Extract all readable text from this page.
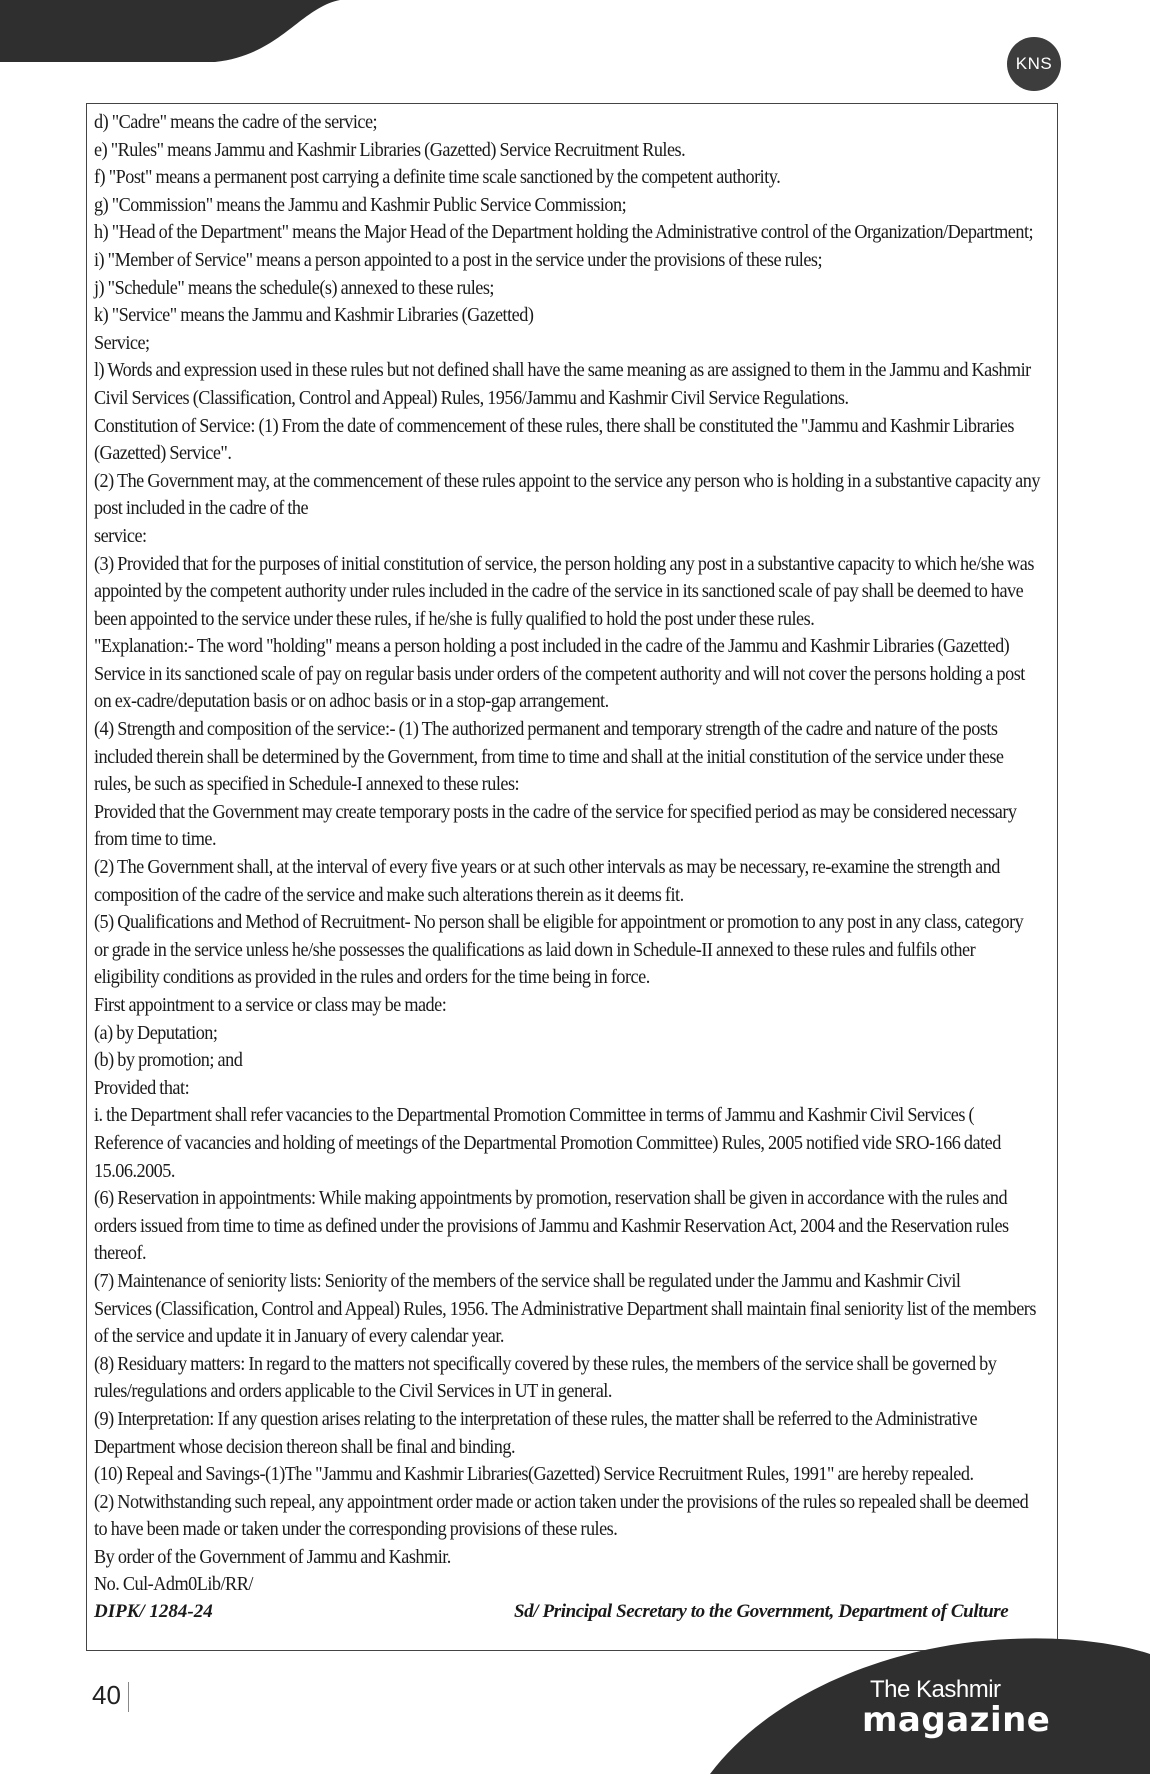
KNS

d) "Cadre" means the cadre of the service;

e) "Rules" means Jammu and Kashmir Libraries (Gazetted) Service Recruitment Rules.

f) "Post" means a permanent post carrying a definite time scale sanctioned by the competent authority.

g) "Commission" means the Jammu and Kashmir Public Service Commission;

h) "Head of the Department" means the Major Head of the Department holding the Administrative control of the Organization/Department;

i) "Member of Service" means a person appointed to a post in the service under the provisions of these rules;

j) "Schedule" means the schedule(s) annexed to these rules;

k) "Service" means the Jammu and Kashmir Libraries (Gazetted)

Service;

l) Words and expression used in these rules but not defined shall have the same meaning as are assigned to them in the Jammu and Kashmir

Civil Services (Classification, Control and Appeal) Rules, 1956/Jammu and Kashmir Civil Service Regulations.

Constitution of Service: (1) From the date of commencement of these rules, there shall be constituted the "Jammu and Kashmir Libraries

(Gazetted) Service".

(2) The Government may, at the commencement of these rules appoint to the service any person who is holding in a substantive capacity any

post included in the cadre of the

service:

(3) Provided that for the purposes of initial constitution of service, the person holding any post in a substantive capacity to which he/she was

appointed by the competent authority under rules included in the cadre of the service in its sanctioned scale of pay shall be deemed to have

been appointed to the service under these rules, if he/she is fully qualified to hold the post under these rules.

"Explanation:- The word "holding" means a person holding a post included in the cadre of the Jammu and Kashmir Libraries (Gazetted)

Service in its sanctioned scale of pay on regular basis under orders of the competent authority and will not cover the persons holding a post

on ex-cadre/deputation basis or on adhoc basis or in a stop-gap arrangement.

(4) Strength and composition of the service:- (1) The authorized permanent and temporary strength of the cadre and nature of the posts

included therein shall be determined by the Government, from time to time and shall at the initial constitution of the service under these

rules, be such as specified in Schedule-I annexed to these rules:

Provided that the Government may create temporary posts in the cadre of the service for specified period as may be considered necessary

from time to time.

(2) The Government shall, at the interval of every five years or at such other intervals as may be necessary, re-examine the strength and

composition of the cadre of the service and make such alterations therein as it deems fit.

(5) Qualifications and Method of Recruitment- No person shall be eligible for appointment or promotion to any post in any class, category

or grade in the service unless he/she possesses the qualifications as laid down in Schedule-II annexed to these rules and fulfils other

eligibility conditions as provided in the rules and orders for the time being in force.

First appointment to a service or class may be made:

(a) by Deputation;

(b) by promotion; and

Provided that:

i. the Department shall refer vacancies to the Departmental Promotion Committee in terms of Jammu and Kashmir Civil Services (

Reference of vacancies and holding of meetings of the Departmental Promotion Committee) Rules, 2005 notified vide SRO-166 dated

15.06.2005.

(6) Reservation in appointments: While making appointments by promotion, reservation shall be given in accordance with the rules and

orders issued from time to time as defined under the provisions of Jammu and Kashmir Reservation Act, 2004 and the Reservation rules

thereof.

(7) Maintenance of seniority lists: Seniority of the members of the service shall be regulated under the Jammu and Kashmir Civil

Services (Classification, Control and Appeal) Rules, 1956. The Administrative Department shall maintain final seniority list of the members

of the service and update it in January of every calendar year.

(8) Residuary matters: In regard to the matters not specifically covered by these rules, the members of the service shall be governed by

rules/regulations and orders applicable to the Civil Services in UT in general.

(9) Interpretation: If any question arises relating to the interpretation of these rules, the matter shall be referred to the Administrative

Department whose decision thereon shall be final and binding.

(10) Repeal and Savings-(1)The "Jammu and Kashmir Libraries(Gazetted) Service Recruitment Rules, 1991" are hereby repealed.

(2) Notwithstanding such repeal, any appointment order made or action taken under the provisions of the rules so repealed shall be deemed

to have been made or taken under the corresponding provisions of these rules.

By order of the Government of Jammu and Kashmir.

No. Cul-Adm0Lib/RR/

DIPK/ 1284-24	Sd/ Principal Secretary to the Government, Department of Culture
40	The Kashmir
magazine
